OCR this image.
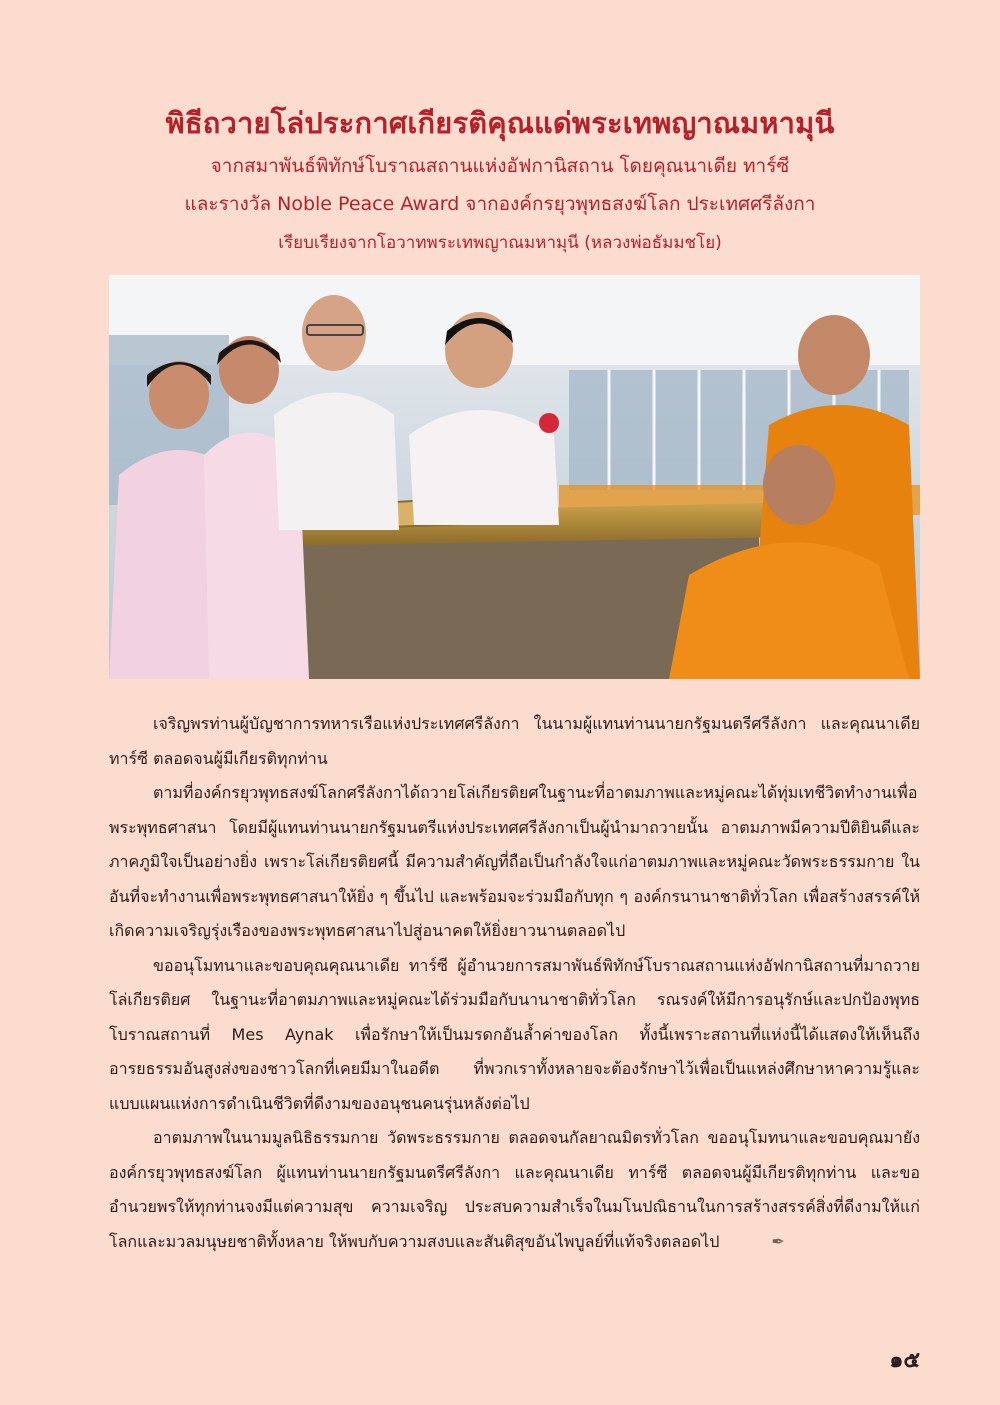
พิธีถวายโล่ประกาศเกียรติคุณแด่พระเทพญาณมหามุนี
จากสมาพันธ์พิทักษ์โบราณสถานแห่งอัฟกานิสถาน โดยคุณนาเดีย ทาร์ซี
และรางวัล Noble Peace Award จากองค์กรยุวพุทธสงฆ์โลก ประเทศศรีลังกา
เรียบเรียงจากโอวาทพระเทพญาณมหามุนี (หลวงพ่อธัมมชโย)

เจริญพรท่านผู้บัญชาการทหารเรือแห่งประเทศศรีลังกา ในนามผู้แทนท่านนายกรัฐมนตรีศรีลังกา และคุณนาเดีย ทาร์ซี ตลอดจนผู้มีเกียรติทุกท่าน

ตามที่องค์กรยุวพุทธสงฆ์โลกศรีลังกาได้ถวายโล่เกียรติยศในฐานะที่อาตมภาพและหมู่คณะได้ทุ่มเทชีวิตทำงานเพื่อพระพุทธศาสนา โดยมีผู้แทนท่านนายกรัฐมนตรีแห่งประเทศศรีลังกาเป็นผู้นำมาถวายนั้น อาตมภาพมีความปีติยินดีและภาคภูมิใจเป็นอย่างยิ่ง เพราะโล่เกียรติยศนี้ มีความสำคัญที่ถือเป็นกำลังใจแก่อาตมภาพและหมู่คณะวัดพระธรรมกาย ในอันที่จะทำงานเพื่อพระพุทธศาสนาให้ยิ่ง ๆ ขึ้นไป และพร้อมจะร่วมมือกับทุก ๆ องค์กรนานาชาติทั่วโลก เพื่อสร้างสรรค์ให้เกิดความเจริญรุ่งเรืองของพระพุทธศาสนาไปสู่อนาคตให้ยิ่งยาวนานตลอดไป

ขออนุโมทนาและขอบคุณคุณนาเดีย ทาร์ซี ผู้อำนวยการสมาพันธ์พิทักษ์โบราณสถานแห่งอัฟกานิสถานที่มาถวายโล่เกียรติยศ ในฐานะที่อาตมภาพและหมู่คณะได้ร่วมมือกับนานาชาติทั่วโลก รณรงค์ให้มีการอนุรักษ์และปกป้องพุทธโบราณสถานที่ Mes Aynak เพื่อรักษาให้เป็นมรดกอันล้ำค่าของโลก ทั้งนี้เพราะสถานที่แห่งนี้ได้แสดงให้เห็นถึงอารยธรรมอันสูงส่งของชาวโลกที่เคยมีมาในอดีต ที่พวกเราทั้งหลายจะต้องรักษาไว้เพื่อเป็นแหล่งศึกษาหาความรู้และแบบแผนแห่งการดำเนินชีวิตที่ดีงามของอนุชนคนรุ่นหลังต่อไป

อาตมภาพในนามมูลนิธิธรรมกาย วัดพระธรรมกาย ตลอดจนกัลยาณมิตรทั่วโลก ขออนุโมทนาและขอบคุณมายังองค์กรยุวพุทธสงฆ์โลก ผู้แทนท่านนายกรัฐมนตรีศรีลังกา และคุณนาเดีย ทาร์ซี ตลอดจนผู้มีเกียรติทุกท่าน และขออำนวยพรให้ทุกท่านจงมีแต่ความสุข ความเจริญ ประสบความสำเร็จในมโนปณิธานในการสร้างสรรค์สิ่งที่ดีงามให้แก่โลกและมวลมนุษยชาติทั้งหลาย ให้พบกับความสงบและสันติสุขอันไพบูลย์ที่แท้จริงตลอดไป	✒

๑๕
